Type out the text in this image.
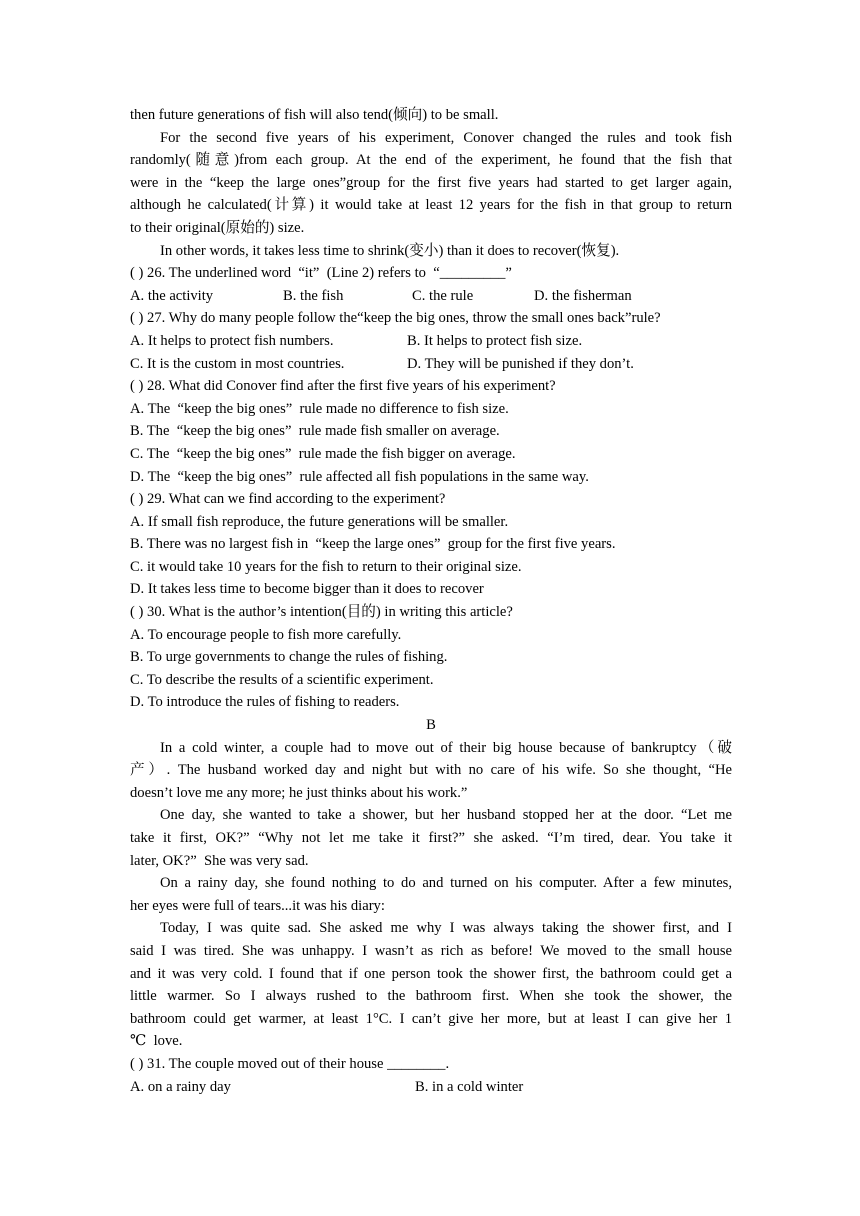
then future generations of fish will also tend(倾向) to be small.
For the second five years of his experiment, Conover changed the rules and took fish
randomly(随意)from each group. At the end of the experiment, he found that the fish that
were in the “keep the large ones”group for the first five years had started to get larger again,
although he calculated(计算) it would take at least 12 years for the fish in that group to return
to their original(原始的) size.
In other words, it takes less time to shrink(变小) than it does to recover(恢复).
( ) 26. The underlined word  “it”  (Line 2) refers to  “_________”
A. the activity	B. the fish	C. the rule	D. the fisherman
( ) 27. Why do many people follow the“keep the big ones, throw the small ones back”rule?
A. It helps to protect fish numbers.	B. It helps to protect fish size.
C. It is the custom in most countries.	D. They will be punished if they don’t.
( ) 28. What did Conover find after the first five years of his experiment?
A. The  “keep the big ones”  rule made no difference to fish size.
B. The  “keep the big ones”  rule made fish smaller on average.
C. The  “keep the big ones”  rule made the fish bigger on average.
D. The  “keep the big ones”  rule affected all fish populations in the same way.
( ) 29. What can we find according to the experiment?
A. If small fish reproduce, the future generations will be smaller.
B. There was no largest fish in  “keep the large ones”  group for the first five years.
C. it would take 10 years for the fish to return to their original size.
D. It takes less time to become bigger than it does to recover
( ) 30. What is the author’s intention(目的) in writing this article?
A. To encourage people to fish more carefully.
B. To urge governments to change the rules of fishing.
C. To describe the results of a scientific experiment.
D. To introduce the rules of fishing to readers.
B
In a cold winter, a couple had to move out of their big house because of bankruptcy（破
产）. The husband worked day and night but with no care of his wife. So she thought, “He
doesn’t love me any more; he just thinks about his work.”
One day, she wanted to take a shower, but her husband stopped her at the door. “Let me
take it first, OK?” “Why not let me take it first?” she asked. “I’m tired, dear. You take it
later, OK?”  She was very sad.
On a rainy day, she found nothing to do and turned on his computer. After a few minutes,
her eyes were full of tears...it was his diary:
Today, I was quite sad. She asked me why I was always taking the shower first, and I
said I was tired. She was unhappy. I wasn’t as rich as before! We moved to the small house
and it was very cold. I found that if one person took the shower first, the bathroom could get a
little warmer. So I always rushed to the bathroom first. When she took the shower, the
bathroom could get warmer, at least 1°C. I can’t give her more, but at least I can give her 1
℃  love.
( ) 31. The couple moved out of their house ________.
A. on a rainy day	B. in a cold winter
